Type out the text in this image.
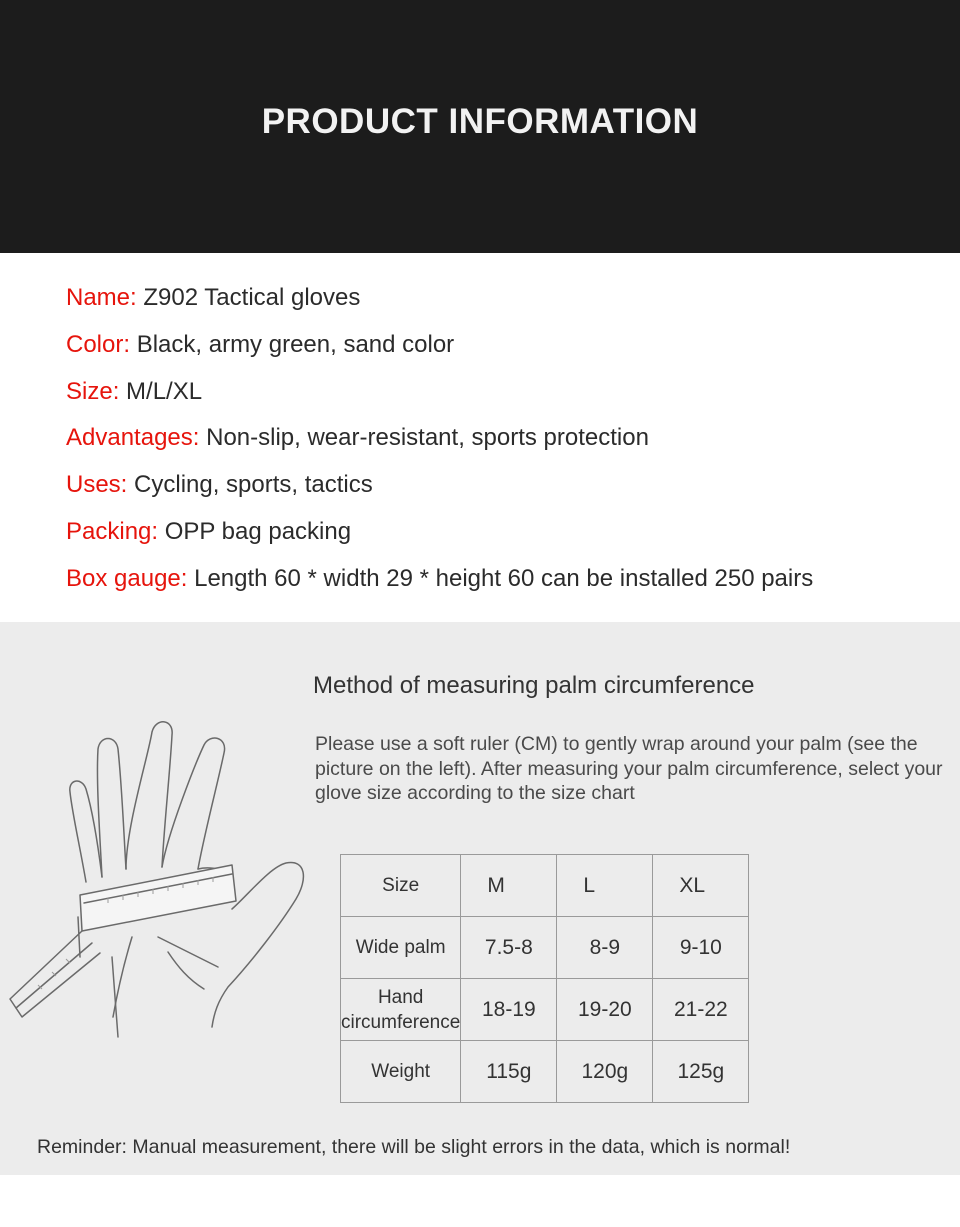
PRODUCT INFORMATION
Name: Z902 Tactical gloves
Color: Black, army green, sand color
Size: M/L/XL
Advantages: Non-slip, wear-resistant, sports protection
Uses: Cycling, sports, tactics
Packing: OPP bag packing
Box gauge: Length 60 * width 29 * height 60 can be installed 250 pairs
Method of measuring palm circumference
Please use a soft ruler (CM) to gently wrap around your palm (see the picture on the left). After measuring your palm circumference, select your glove size according to the size chart
Size	M	L	XL
Wide palm	7.5-8	8-9	9-10
Hand circumference	18-19	19-20	21-22
Weight	115g	120g	125g
Reminder: Manual measurement, there will be slight errors in the data, which is normal!
